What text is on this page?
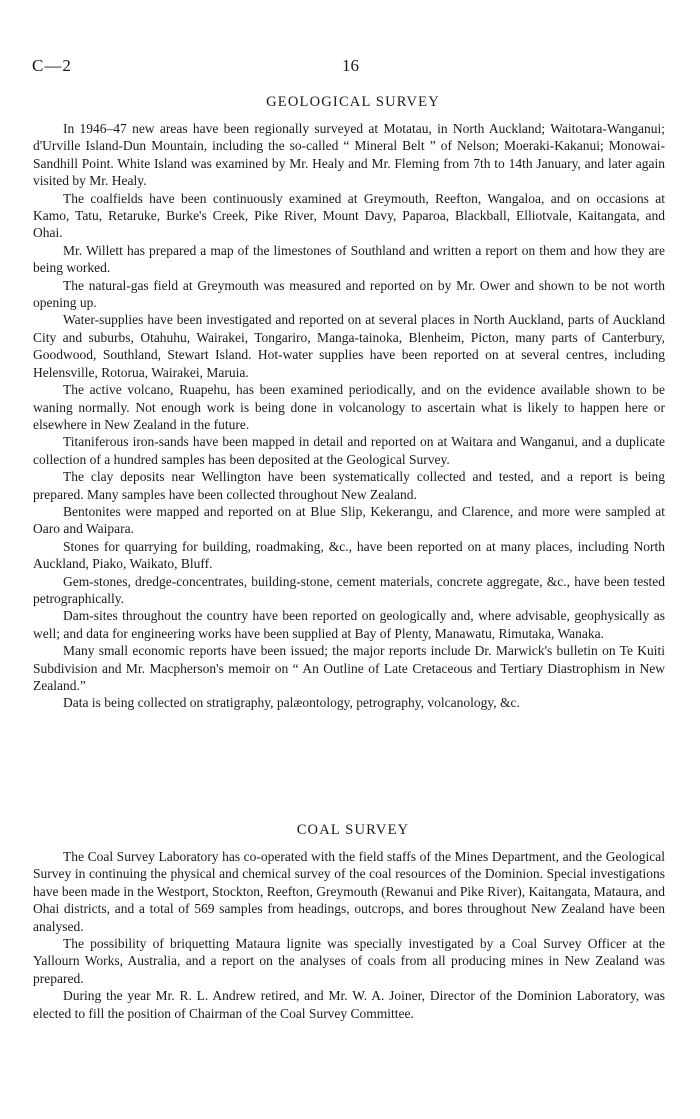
C—2	16
GEOLOGICAL SURVEY

In 1946–47 new areas have been regionally surveyed at Motatau, in North Auckland; Waitotara-Wanganui; d'Urville Island-Dun Mountain, including the so-called “ Mineral Belt ” of Nelson; Moeraki-Kakanui; Monowai-Sandhill Point. White Island was examined by Mr. Healy and Mr. Fleming from 7th to 14th January, and later again visited by Mr. Healy.

The coalfields have been continuously examined at Greymouth, Reefton, Wangaloa, and on occasions at Kamo, Tatu, Retaruke, Burke's Creek, Pike River, Mount Davy, Paparoa, Blackball, Elliotvale, Kaitangata, and Ohai.

Mr. Willett has prepared a map of the limestones of Southland and written a report on them and how they are being worked.

The natural-gas field at Greymouth was measured and reported on by Mr. Ower and shown to be not worth opening up.

Water-supplies have been investigated and reported on at several places in North Auckland, parts of Auckland City and suburbs, Otahuhu, Wairakei, Tongariro, Manga-tainoka, Blenheim, Picton, many parts of Canterbury, Goodwood, Southland, Stewart Island. Hot-water supplies have been reported on at several centres, including Helensville, Rotorua, Wairakei, Maruia.

The active volcano, Ruapehu, has been examined periodically, and on the evidence available shown to be waning normally. Not enough work is being done in volcanology to ascertain what is likely to happen here or elsewhere in New Zealand in the future.

Titaniferous iron-sands have been mapped in detail and reported on at Waitara and Wanganui, and a duplicate collection of a hundred samples has been deposited at the Geological Survey.

The clay deposits near Wellington have been systematically collected and tested, and a report is being prepared. Many samples have been collected throughout New Zealand.

Bentonites were mapped and reported on at Blue Slip, Kekerangu, and Clarence, and more were sampled at Oaro and Waipara.

Stones for quarrying for building, roadmaking, &c., have been reported on at many places, including North Auckland, Piako, Waikato, Bluff.

Gem-stones, dredge-concentrates, building-stone, cement materials, concrete aggregate, &c., have been tested petrographically.

Dam-sites throughout the country have been reported on geologically and, where advisable, geophysically as well; and data for engineering works have been supplied at Bay of Plenty, Manawatu, Rimutaka, Wanaka.

Many small economic reports have been issued; the major reports include Dr. Marwick's bulletin on Te Kuiti Subdivision and Mr. Macpherson's memoir on “ An Outline of Late Cretaceous and Tertiary Diastrophism in New Zealand.”

Data is being collected on stratigraphy, palæontology, petrography, volcanology, &c.

COAL SURVEY

The Coal Survey Laboratory has co-operated with the field staffs of the Mines Department, and the Geological Survey in continuing the physical and chemical survey of the coal resources of the Dominion. Special investigations have been made in the Westport, Stockton, Reefton, Greymouth (Rewanui and Pike River), Kaitangata, Mataura, and Ohai districts, and a total of 569 samples from headings, outcrops, and bores throughout New Zealand have been analysed.

The possibility of briquetting Mataura lignite was specially investigated by a Coal Survey Officer at the Yallourn Works, Australia, and a report on the analyses of coals from all producing mines in New Zealand was prepared.

During the year Mr. R. L. Andrew retired, and Mr. W. A. Joiner, Director of the Dominion Laboratory, was elected to fill the position of Chairman of the Coal Survey Committee.
